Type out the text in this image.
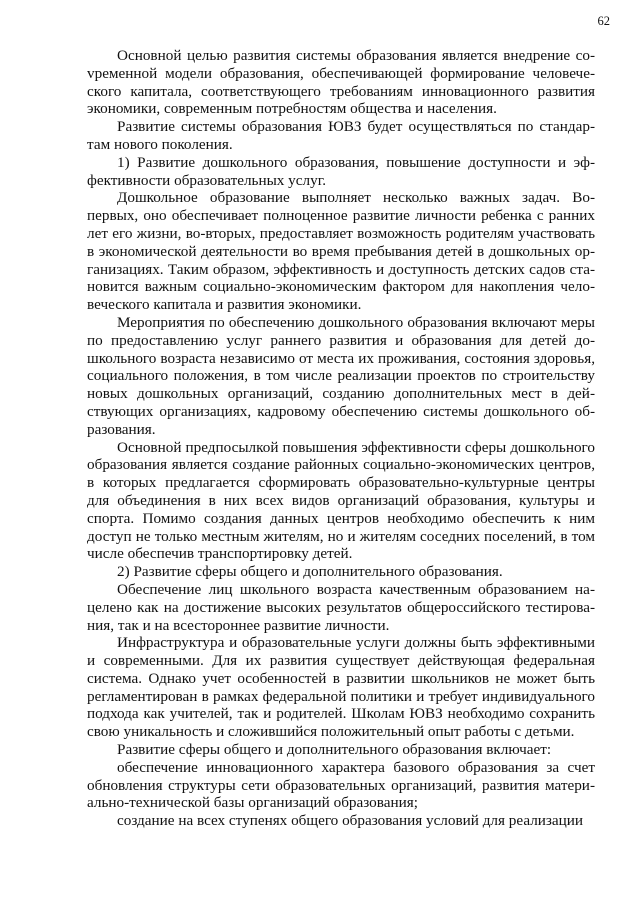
62

Основной целью развития системы образования является внедрение соvременной модели образования, обеспечивающей формирование человеческого капитала, соответствующего требованиям инновационного развития экономики, современным потребностям общества и населения.

Развитие системы образования ЮВЗ будет осуществляться по стандартам нового поколения.

1) Развитие дошкольного образования, повышение доступности и эффективности образовательных услуг.

Дошкольное образование выполняет несколько важных задач. Во-первых, оно обеспечивает полноценное развитие личности ребенка с ранних лет его жизни, во-вторых, предоставляет возможность родителям участвовать в экономической деятельности во время пребывания детей в дошкольных организациях. Таким образом, эффективность и доступность детских садов становится важным социально-экономическим фактором для накопления человеческого капитала и развития экономики.

Мероприятия по обеспечению дошкольного образования включают меры по предоставлению услуг раннего развития и образования для детей дошкольного возраста независимо от места их проживания, состояния здоровья, социального положения, в том числе реализации проектов по строительству новых дошкольных организаций, созданию дополнительных мест в действующих организациях, кадровому обеспечению системы дошкольного образования.

Основной предпосылкой повышения эффективности сферы дошкольного образования является создание районных социально-экономических центров, в которых предлагается сформировать образовательно-культурные центры для объединения в них всех видов организаций образования, культуры и спорта. Помимо создания данных центров необходимо обеспечить к ним доступ не только местным жителям, но и жителям соседних поселений, в том числе обеспечив транспортировку детей.

2) Развитие сферы общего и дополнительного образования.

Обеспечение лиц школьного возраста качественным образованием нацелено как на достижение высоких результатов общероссийского тестирования, так и на всестороннее развитие личности.

Инфраструктура и образовательные услуги должны быть эффективными и современными. Для их развития существует действующая федеральная система. Однако учет особенностей в развитии школьников не может быть регламентирован в рамках федеральной политики и требует индивидуального подхода как учителей, так и родителей. Школам ЮВЗ необходимо сохранить свою уникальность и сложившийся положительный опыт работы с детьми.

Развитие сферы общего и дополнительного образования включает:

обеспечение инновационного характера базового образования за счет обновления структуры сети образовательных организаций, развития материально-технической базы организаций образования;

создание на всех ступенях общего образования условий для реализации
